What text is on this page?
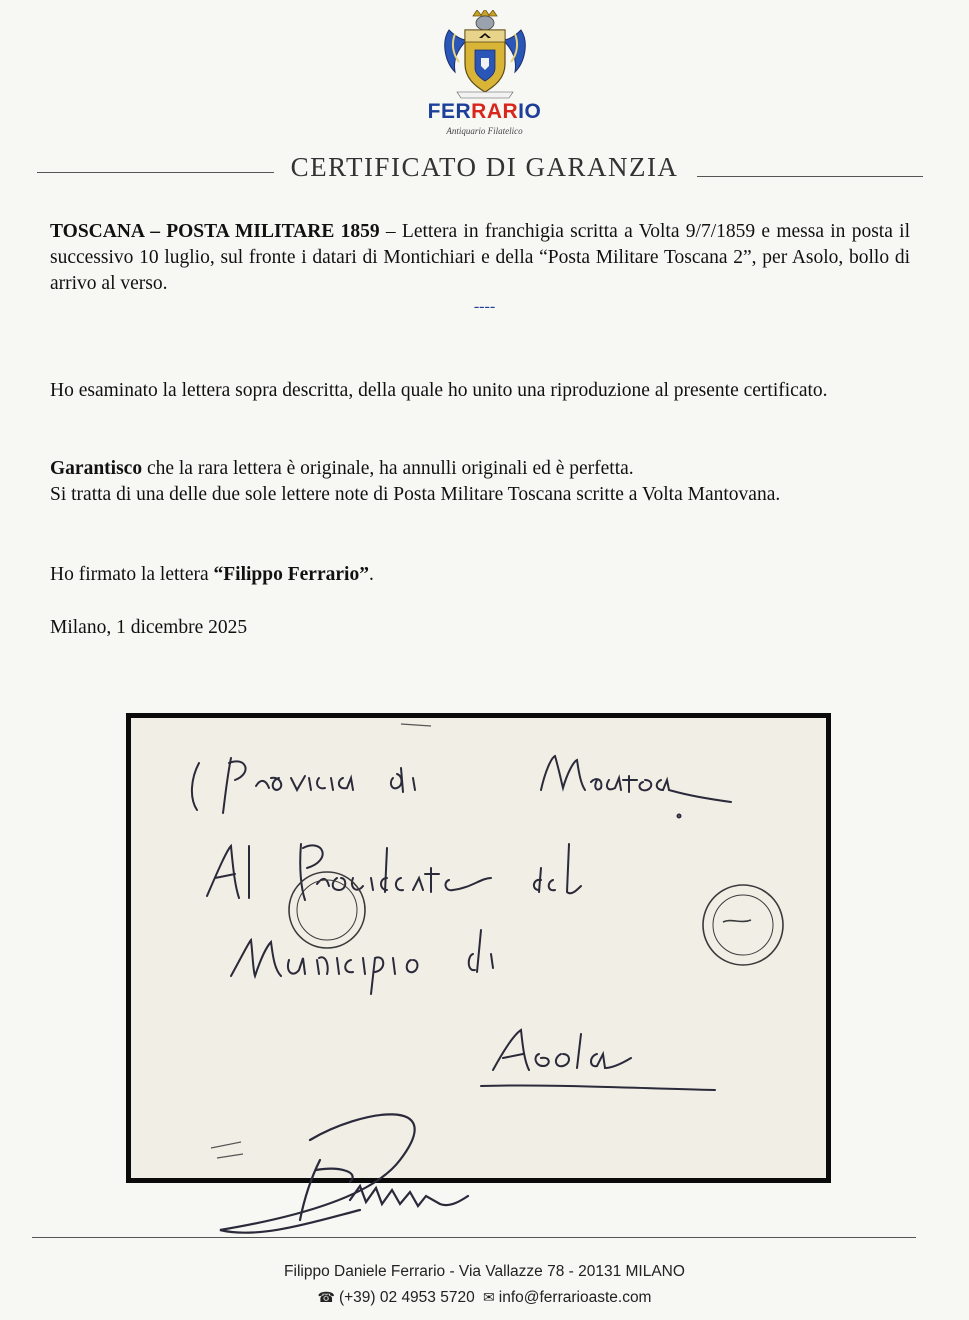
FERRARIO
Antiquario Filatelico
CERTIFICATO DI GARANZIA
TOSCANA – POSTA MILITARE 1859 – Lettera in franchigia scritta a Volta 9/7/1859 e messa in posta il successivo 10 luglio, sul fronte i datari di Montichiari e della “Posta Militare Toscana 2”, per Asolo, bollo di arrivo al verso.
----
Ho esaminato la lettera sopra descritta, della quale ho unito una riproduzione al presente certificato.
Garantisco che la rara lettera è originale, ha annulli originali ed è perfetta.
Si tratta di una delle due sole lettere note di Posta Militare Toscana scritte a Volta Mantovana.
Ho firmato la lettera “Filippo Ferrario”.
Milano, 1 dicembre 2025
Filippo Daniele Ferrario - Via Vallazze 78 - 20131 MILANO
☎ (+39) 02 4953 5720 ✉ info@ferrarioaste.com
